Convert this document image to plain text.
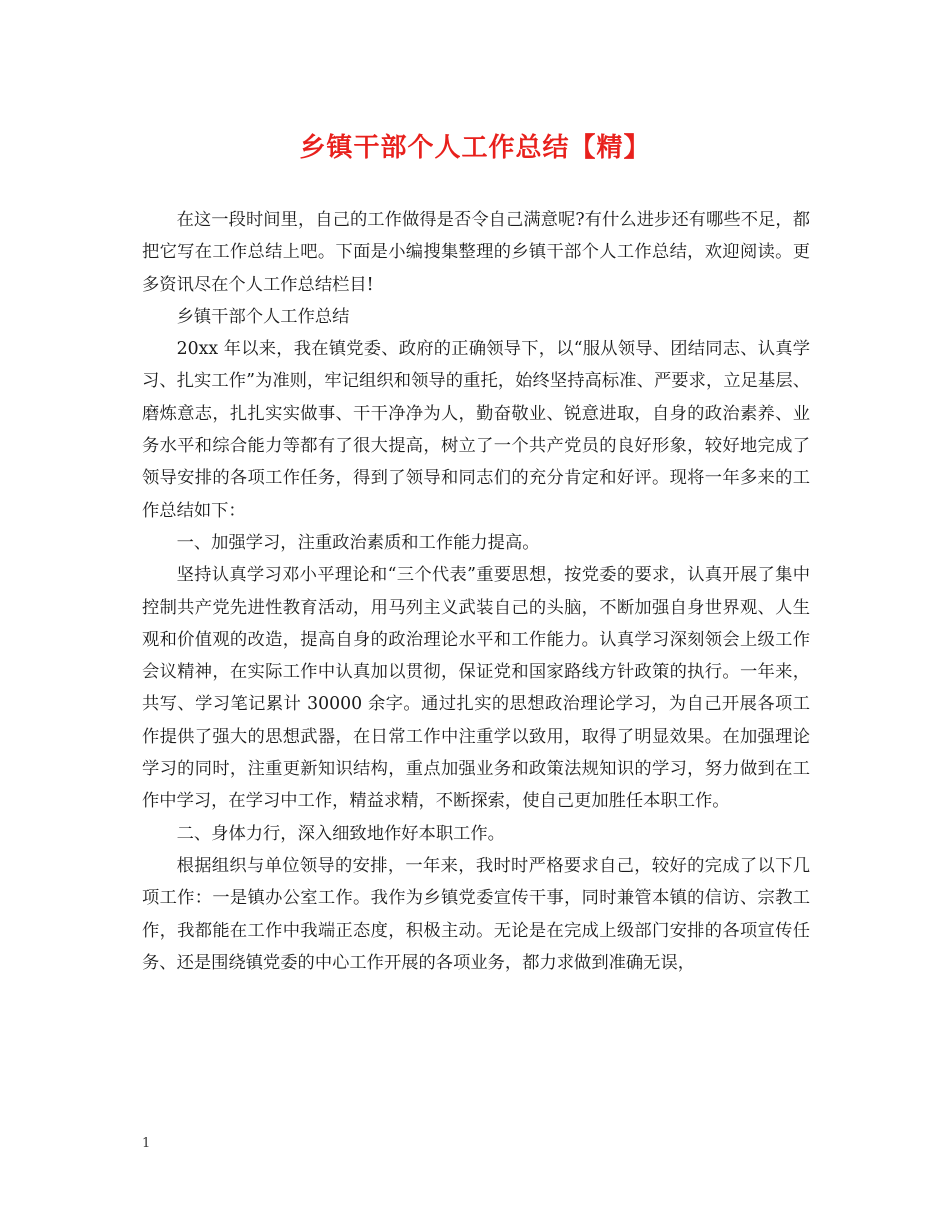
乡镇干部个人工作总结【精】

在这一段时间里，自己的工作做得是否令自己满意呢?有什么进步还有哪些不足，都把它写在工作总结上吧。下面是小编搜集整理的乡镇干部个人工作总结，欢迎阅读。更多资讯尽在个人工作总结栏目!

乡镇干部个人工作总结

20xx 年以来，我在镇党委、政府的正确领导下，以“服从领导、团结同志、认真学习、扎实工作”为准则，牢记组织和领导的重托，始终坚持高标准、严要求，立足基层、磨炼意志，扎扎实实做事、干干净净为人，勤奋敬业、锐意进取，自身的政治素养、业务水平和综合能力等都有了很大提高，树立了一个共产党员的良好形象，较好地完成了领导安排的各项工作任务，得到了领导和同志们的充分肯定和好评。现将一年多来的工作总结如下：

一、加强学习，注重政治素质和工作能力提高。

坚持认真学习邓小平理论和“三个代表”重要思想，按党委的要求，认真开展了集中控制共产党先进性教育活动，用马列主义武装自己的头脑，不断加强自身世界观、人生观和价值观的改造，提高自身的政治理论水平和工作能力。认真学习深刻领会上级工作会议精神，在实际工作中认真加以贯彻，保证党和国家路线方针政策的执行。一年来，共写、学习笔记累计 30000 余字。通过扎实的思想政治理论学习，为自己开展各项工作提供了强大的思想武器，在日常工作中注重学以致用，取得了明显效果。在加强理论学习的同时，注重更新知识结构，重点加强业务和政策法规知识的学习，努力做到在工作中学习，在学习中工作，精益求精，不断探索，使自己更加胜任本职工作。

二、身体力行，深入细致地作好本职工作。

根据组织与单位领导的安排，一年来，我时时严格要求自己，较好的完成了以下几项工作：一是镇办公室工作。我作为乡镇党委宣传干事，同时兼管本镇的信访、宗教工作，我都能在工作中我端正态度，积极主动。无论是在完成上级部门安排的各项宣传任务、还是围绕镇党委的中心工作开展的各项业务，都力求做到准确无误，

1
